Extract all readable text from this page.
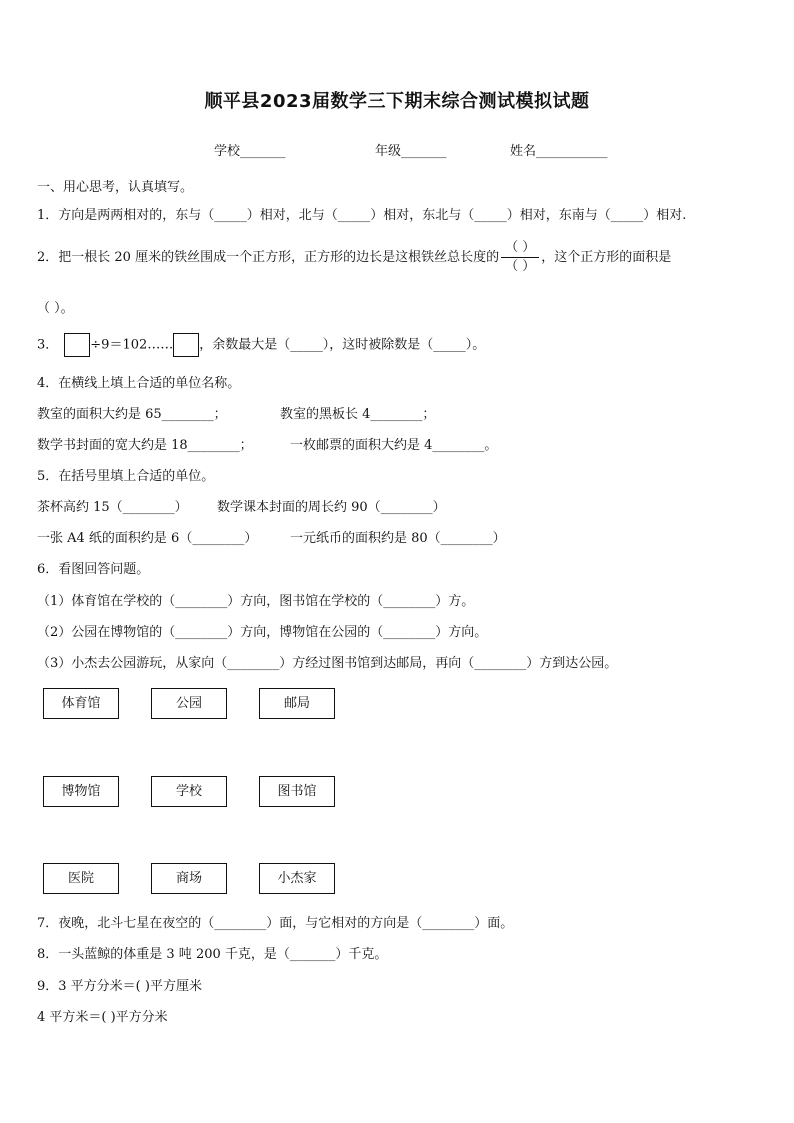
顺平县2023届数学三下期末综合测试模拟试题
学校_______	年级_______	姓名___________
一、用心思考，认真填写。
1．方向是两两相对的，东与（_____）相对，北与（_____）相对，东北与（_____）相对，东南与（_____）相对.
2．把一根长 20 厘米的铁丝围成一个正方形，正方形的边长是这根铁丝总长度的 $\frac{( )}{( )}$ ，这个正方形的面积是
（ ）。
3． ÷9＝102…… ，余数最大是（_____），这时被除数是（_____）。
4．在横线上填上合适的单位名称。
教室的面积大约是 65________；	教室的黑板长 4________；
数学书封面的宽大约是 18________；	一枚邮票的面积大约是 4________。
5．在括号里填上合适的单位。
茶杯高约 15（________） 数学课本封面的周长约 90（________）
一张 A4 纸的面积约是 6（________）	一元纸币的面积约是 80（________）
6．看图回答问题。
（1）体育馆在学校的（________）方向，图书馆在学校的（________）方。
（2）公园在博物馆的（________）方向，博物馆在公园的（________）方向。
（3）小杰去公园游玩，从家向（________）方经过图书馆到达邮局，再向（________）方到达公园。
体育馆	公园	邮局
博物馆	学校	图书馆
医院	商场	小杰家
7．夜晚，北斗七星在夜空的（________）面，与它相对的方向是（________）面。
8．一头蓝鲸的体重是 3 吨 200 千克，是（_______）千克。
9．3 平方分米＝( )平方厘米
4 平方米＝( )平方分米
